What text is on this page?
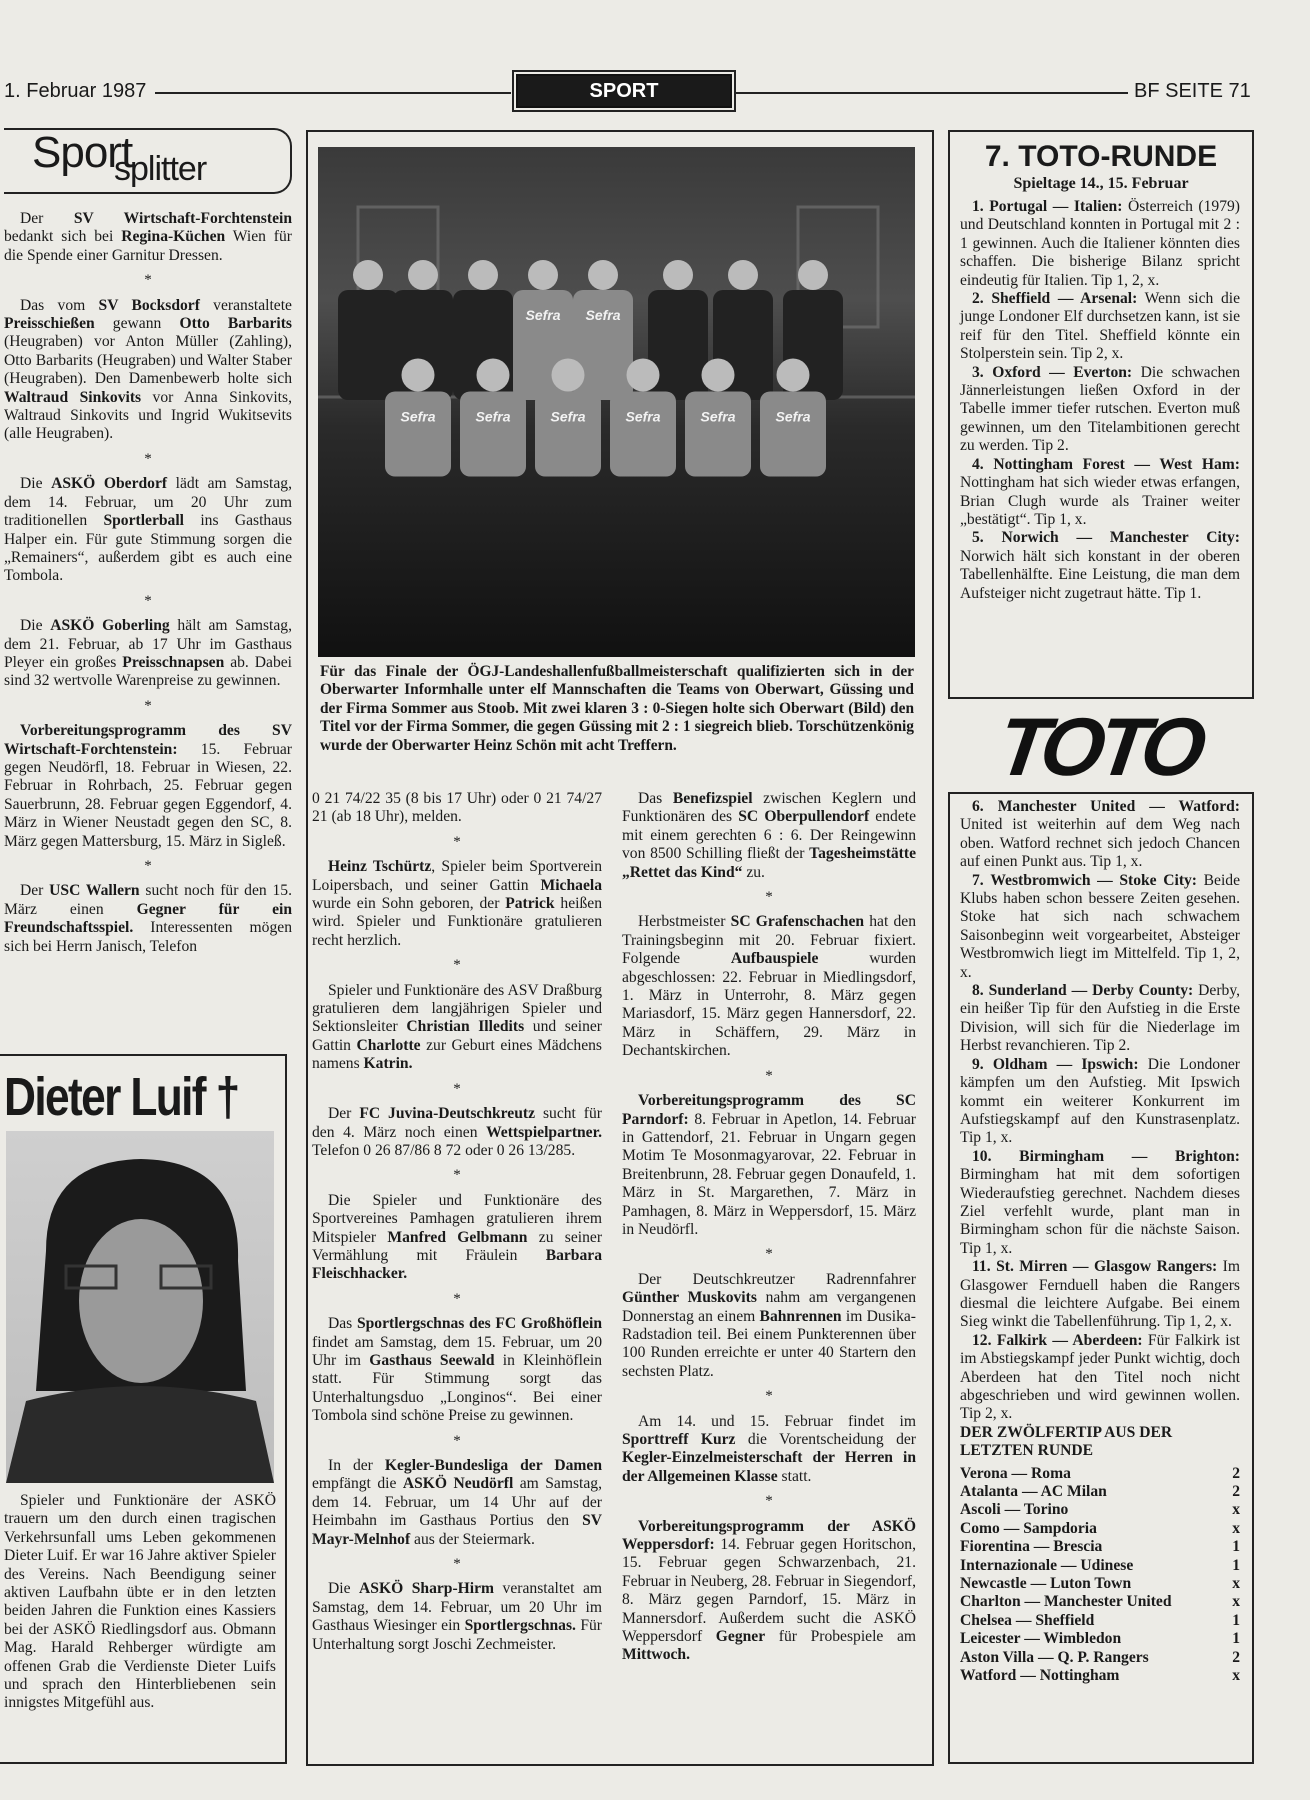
1. Februar 1987	SPORT	BF SEITE 71
Sport
splitter

Der SV Wirtschaft-Forchtenstein bedankt sich bei Regina-Küchen Wien für die Spende einer Garnitur Dressen.

*

Das vom SV Bocksdorf veranstaltete Preisschießen gewann Otto Barbarits (Heugraben) vor Anton Müller (Zahling), Otto Barbarits (Heugraben) und Walter Staber (Heugraben). Den Damenbewerb holte sich Waltraud Sinkovits vor Anna Sinkovits, Waltraud Sinkovits und Ingrid Wukitsevits (alle Heugraben).

*

Die ASKÖ Oberdorf lädt am Samstag, dem 14. Februar, um 20 Uhr zum traditionellen Sportlerball ins Gasthaus Halper ein. Für gute Stimmung sorgen die „Remainers“, außerdem gibt es auch eine Tombola.

*

Die ASKÖ Goberling hält am Samstag, dem 21. Februar, ab 17 Uhr im Gasthaus Pleyer ein großes Preisschnapsen ab. Dabei sind 32 wertvolle Warenpreise zu gewinnen.

*

Vorbereitungsprogramm des SV Wirtschaft-Forchtenstein: 15. Februar gegen Neudörfl, 18. Februar in Wiesen, 22. Februar in Rohrbach, 25. Februar gegen Sauerbrunn, 28. Februar gegen Eggendorf, 4. März in Wiener Neustadt gegen den SC, 8. März gegen Mattersburg, 15. März in Sigleß.

*

Der USC Wallern sucht noch für den 15. März einen Gegner für ein Freundschaftsspiel. Interessenten mögen sich bei Herrn Janisch, Telefon

Sefra Sefra
Sefra	Sefra	Sefra	Sefra	Sefra	Sefra
Für das Finale der ÖGJ-Landeshallenfußballmeisterschaft qualifizierten sich in der Oberwarter Informhalle unter elf Mannschaften die Teams von Oberwart, Güssing und der Firma Sommer aus Stoob. Mit zwei klaren 3 : 0-Siegen holte sich Oberwart (Bild) den Titel vor der Firma Sommer, die gegen Güssing mit 2 : 1 siegreich blieb. Torschützenkönig wurde der Oberwarter Heinz Schön mit acht Treffern.

0 21 74/22 35 (8 bis 17 Uhr) oder 0 21 74/27 21 (ab 18 Uhr), melden.

*

Heinz Tschürtz, Spieler beim Sportverein Loipersbach, und seiner Gattin Michaela wurde ein Sohn geboren, der Patrick heißen wird. Spieler und Funktionäre gratulieren recht herzlich.

*

Spieler und Funktionäre des ASV Draßburg gratulieren dem langjährigen Spieler und Sektionsleiter Christian Illedits und seiner Gattin Charlotte zur Geburt eines Mädchens namens Katrin.

*

Der FC Juvina-Deutschkreutz sucht für den 4. März noch einen Wettspielpartner. Telefon 0 26 87/86 8 72 oder 0 26 13/285.

*

Die Spieler und Funktionäre des Sportvereines Pamhagen gratulieren ihrem Mitspieler Manfred Gelbmann zu seiner Vermählung mit Fräulein Barbara Fleischhacker.

*

Das Sportlergschnas des FC Großhöflein findet am Samstag, dem 15. Februar, um 20 Uhr im Gasthaus Seewald in Kleinhöflein statt. Für Stimmung sorgt das Unterhaltungsduo „Longinos“. Bei einer Tombola sind schöne Preise zu gewinnen.

*

In der Kegler-Bundesliga der Damen empfängt die ASKÖ Neudörfl am Samstag, dem 14. Februar, um 14 Uhr auf der Heimbahn im Gasthaus Portius den SV Mayr-Melnhof aus der Steiermark.

*

Die ASKÖ Sharp-Hirm veranstaltet am Samstag, dem 14. Februar, um 20 Uhr im Gasthaus Wiesinger ein Sportlergschnas. Für Unterhaltung sorgt Joschi Zechmeister.

Das Benefizspiel zwischen Keglern und Funktionären des SC Oberpullendorf endete mit einem gerechten 6 : 6. Der Reingewinn von 8500 Schilling fließt der Tagesheimstätte „Rettet das Kind“ zu.

*

Herbstmeister SC Grafenschachen hat den Trainingsbeginn mit 20. Februar fixiert. Folgende Aufbauspiele wurden abgeschlossen: 22. Februar in Miedlingsdorf, 1. März in Unterrohr, 8. März gegen Mariasdorf, 15. März gegen Hannersdorf, 22. März in Schäffern, 29. März in Dechantskirchen.

*

Vorbereitungsprogramm des SC Parndorf: 8. Februar in Apetlon, 14. Februar in Gattendorf, 21. Februar in Ungarn gegen Motim Te Mosonmagyarovar, 22. Februar in Breitenbrunn, 28. Februar gegen Donaufeld, 1. März in St. Margarethen, 7. März in Pamhagen, 8. März in Weppersdorf, 15. März in Neudörfl.

*

Der Deutschkreutzer Radrennfahrer Günther Muskovits nahm am vergangenen Donnerstag an einem Bahnrennen im Dusika-Radstadion teil. Bei einem Punkterennen über 100 Runden erreichte er unter 40 Startern den sechsten Platz.

*

Am 14. und 15. Februar findet im Sporttreff Kurz die Vorentscheidung der Kegler-Einzelmeisterschaft der Herren in der Allgemeinen Klasse statt.

*

Vorbereitungsprogramm der ASKÖ Weppersdorf: 14. Februar gegen Horitschon, 15. Februar gegen Schwarzenbach, 21. Februar in Neuberg, 28. Februar in Siegendorf, 8. März gegen Parndorf, 15. März in Mannersdorf. Außerdem sucht die ASKÖ Weppersdorf Gegner für Probespiele am Mittwoch.

Dieter Luif †

Spieler und Funktionäre der ASKÖ trauern um den durch einen tragischen Verkehrsunfall ums Leben gekommenen Dieter Luif. Er war 16 Jahre aktiver Spieler des Vereins. Nach Beendigung seiner aktiven Laufbahn übte er in den letzten beiden Jahren die Funktion eines Kassiers bei der ASKÖ Riedlingsdorf aus. Obmann Mag. Harald Rehberger würdigte am offenen Grab die Verdienste Dieter Luifs und sprach den Hinterbliebenen sein innigstes Mitgefühl aus.

7. TOTO-RUNDE
Spieltage 14., 15. Februar

1. Portugal — Italien: Österreich (1979) und Deutschland konnten in Portugal mit 2 : 1 gewinnen. Auch die Italiener könnten dies schaffen. Die bisherige Bilanz spricht eindeutig für Italien. Tip 1, 2, x.

2. Sheffield — Arsenal: Wenn sich die junge Londoner Elf durchsetzen kann, ist sie reif für den Titel. Sheffield könnte ein Stolperstein sein. Tip 2, x.

3. Oxford — Everton: Die schwachen Jännerleistungen ließen Oxford in der Tabelle immer tiefer rutschen. Everton muß gewinnen, um den Titelambitionen gerecht zu werden. Tip 2.

4. Nottingham Forest — West Ham: Nottingham hat sich wieder etwas erfangen, Brian Clugh wurde als Trainer weiter „bestätigt“. Tip 1, x.

5. Norwich — Manchester City: Norwich hält sich konstant in der oberen Tabellenhälfte. Eine Leistung, die man dem Aufsteiger nicht zugetraut hätte. Tip 1.

TOTO

6. Manchester United — Watford: United ist weiterhin auf dem Weg nach oben. Watford rechnet sich jedoch Chancen auf einen Punkt aus. Tip 1, x.

7. Westbromwich — Stoke City: Beide Klubs haben schon bessere Zeiten gesehen. Stoke hat sich nach schwachem Saisonbeginn weit vorgearbeitet, Absteiger Westbromwich liegt im Mittelfeld. Tip 1, 2, x.

8. Sunderland — Derby County: Derby, ein heißer Tip für den Aufstieg in die Erste Division, will sich für die Niederlage im Herbst revanchieren. Tip 2.

9. Oldham — Ipswich: Die Londoner kämpfen um den Aufstieg. Mit Ipswich kommt ein weiterer Konkurrent im Aufstiegskampf auf den Kunstrasenplatz. Tip 1, x.

10. Birmingham — Brighton: Birmingham hat mit dem sofortigen Wiederaufstieg gerechnet. Nachdem dieses Ziel verfehlt wurde, plant man in Birmingham schon für die nächste Saison. Tip 1, x.

11. St. Mirren — Glasgow Rangers: Im Glasgower Fernduell haben die Rangers diesmal die leichtere Aufgabe. Bei einem Sieg winkt die Tabellenführung. Tip 1, 2, x.

12. Falkirk — Aberdeen: Für Falkirk ist im Abstiegskampf jeder Punkt wichtig, doch Aberdeen hat den Titel noch nicht abgeschrieben und wird gewinnen wollen. Tip 2, x.

DER ZWÖLFERTIP AUS DER LETZTEN RUNDE
Verona — Roma	2
Atalanta — AC Milan	2
Ascoli — Torino	x
Como — Sampdoria	x
Fiorentina — Brescia	1
Internazionale — Udinese	1
Newcastle — Luton Town	x
Charlton — Manchester United	x
Chelsea — Sheffield	1
Leicester — Wimbledon	1
Aston Villa — Q. P. Rangers	2
Watford — Nottingham	x
